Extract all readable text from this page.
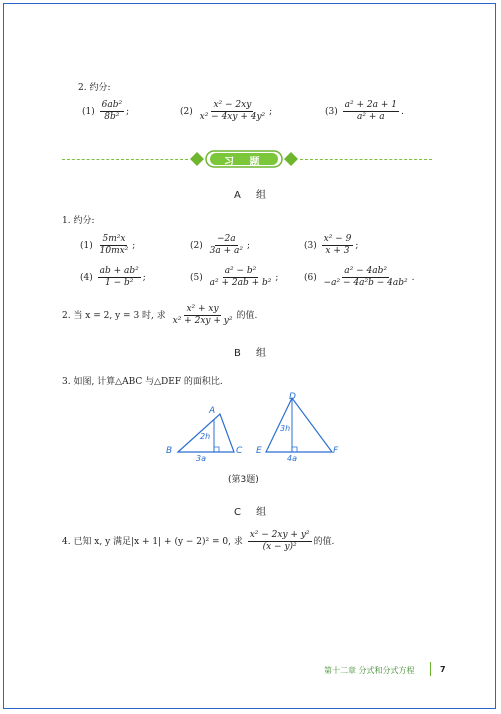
2. 约分:
$(1) \frac{\text{6ab²}}{\text{8b²}}$ ;	$(2) \frac{\text{x² − 2xy}}{\text{x² − 4xy + 4y²}}$ ;	$(3) \frac{\text{a² + 2a + 1}}{\text{a² + a}}$ .
习 题
A 组
1. 约分:
$(1) \frac{\text{5m²x}}{\text{10mx²}}$ ;	$(2) \frac{-2a}{\text{3a + a²}}$ ;	$(3) \frac{\text{x² − 9}}{x + 3}$ ;
$(4) \frac{\text{ab + ab²}}{\text{1 − b²}}$ ;	$(5) \frac{\text{a² − b²}}{\text{a² + 2ab + b²}}$ ;	$(6) \frac{\text{a² − 4ab²}}{\text{−a² − 4a²b − 4ab²}}$ .
2. 当 x = 2, y = 3 时, 求 $\frac{\text{x² + xy}}{\text{x² + 2xy + y²}}$ 的值.
B 组
3. 如图, 计算△ABC 与△DEF 的面积比.
A
B	C
2h
3a
D
E	F
3h
4a
(第3题)
C 组
4. 已知 x, y 满足|x + 1| + (y − 2)² = 0, 求 $\frac{\text{x² − 2xy + y²}}{\text{(x − y)²}}$ 的值.
第十二章 分式和分式方程	7
